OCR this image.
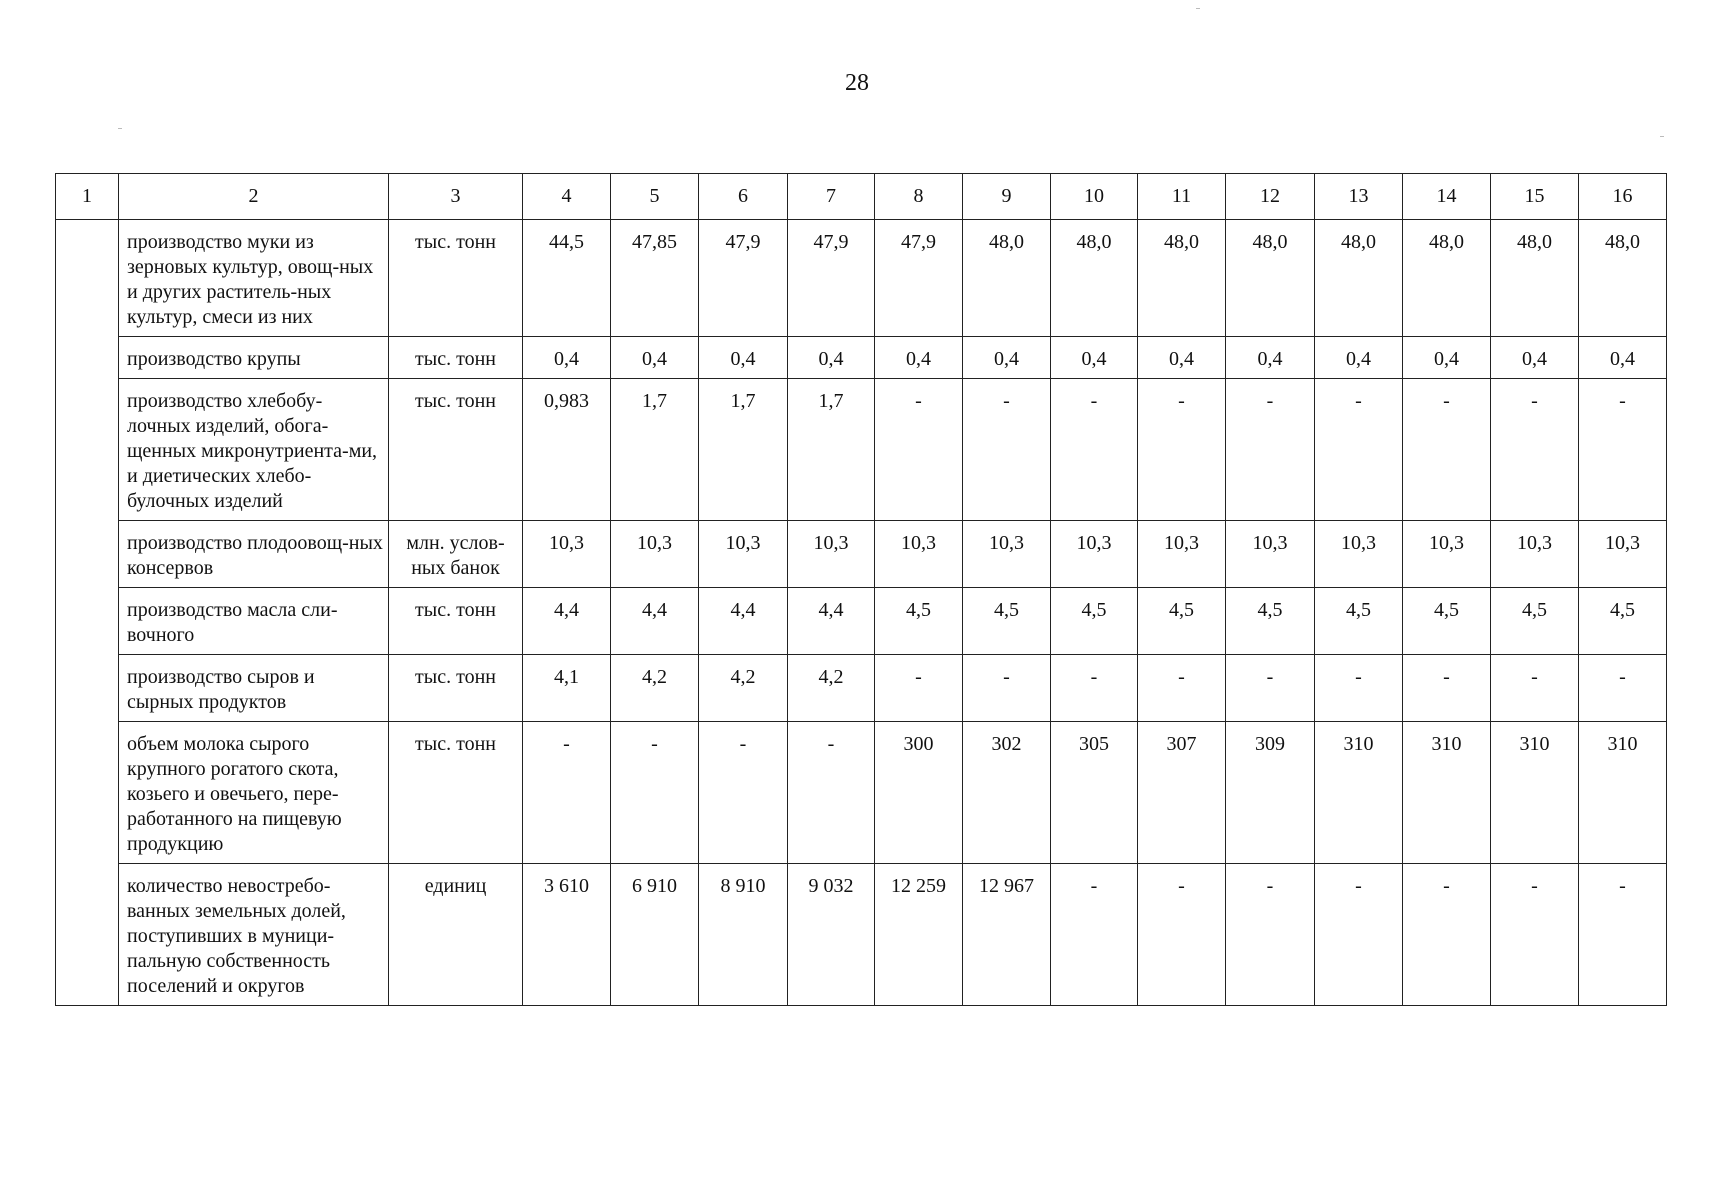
28
1	2	3	4	5	6	7	8	9	10	11	12	13	14	15	16
	производство муки из зерновых культур, овощ-ных и других раститель-ных культур, смеси из них	тыс. тонн	44,5	47,85	47,9	47,9	47,9	48,0	48,0	48,0	48,0	48,0	48,0	48,0	48,0
	производство крупы	тыс. тонн	0,4	0,4	0,4	0,4	0,4	0,4	0,4	0,4	0,4	0,4	0,4	0,4	0,4
	производство хлебобу-лочных изделий, обога-щенных микронутриента-ми, и диетических хлебо-булочных изделий	тыс. тонн	0,983	1,7	1,7	1,7	-	-	-	-	-	-	-	-	-
	производство плодоовощ-ных консервов	млн. услов-ных банок	10,3	10,3	10,3	10,3	10,3	10,3	10,3	10,3	10,3	10,3	10,3	10,3	10,3
	производство масла сли-вочного	тыс. тонн	4,4	4,4	4,4	4,4	4,5	4,5	4,5	4,5	4,5	4,5	4,5	4,5	4,5
	производство сыров и сырных продуктов	тыс. тонн	4,1	4,2	4,2	4,2	-	-	-	-	-	-	-	-	-
	объем молока сырого крупного рогатого скота, козьего и овечьего, пере-работанного на пищевую продукцию	тыс. тонн	-	-	-	-	300	302	305	307	309	310	310	310	310
	количество невостребо-ванных земельных долей, поступивших в муници-пальную собственность поселений и округов	единиц	3 610	6 910	8 910	9 032	12 259	12 967	-	-	-	-	-	-	-
